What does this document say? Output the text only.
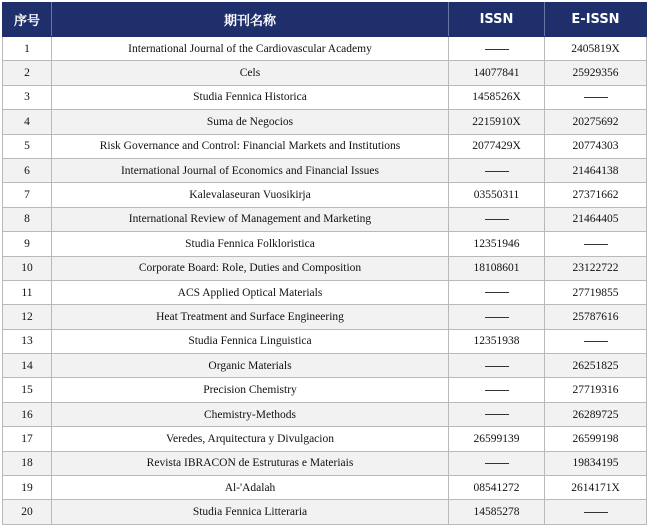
序号	期刊名称	ISSN	E-ISSN
1	International Journal of the Cardiovascular Academy		2405819X
2	Cels	14077841	25929356
3	Studia Fennica Historica	1458526X	
4	Suma de Negocios	2215910X	20275692
5	Risk Governance and Control: Financial Markets and Institutions	2077429X	20774303
6	International Journal of Economics and Financial Issues		21464138
7	Kalevalaseuran Vuosikirja	03550311	27371662
8	International Review of Management and Marketing		21464405
9	Studia Fennica Folkloristica	12351946	
10	Corporate Board: Role, Duties and Composition	18108601	23122722
11	ACS Applied Optical Materials		27719855
12	Heat Treatment and Surface Engineering		25787616
13	Studia Fennica Linguistica	12351938	
14	Organic Materials		26251825
15	Precision Chemistry		27719316
16	Chemistry-Methods		26289725
17	Veredes, Arquitectura y Divulgacion	26599139	26599198
18	Revista IBRACON de Estruturas e Materiais		19834195
19	Al-'Adalah	08541272	2614171X
20	Studia Fennica Litteraria	14585278	
